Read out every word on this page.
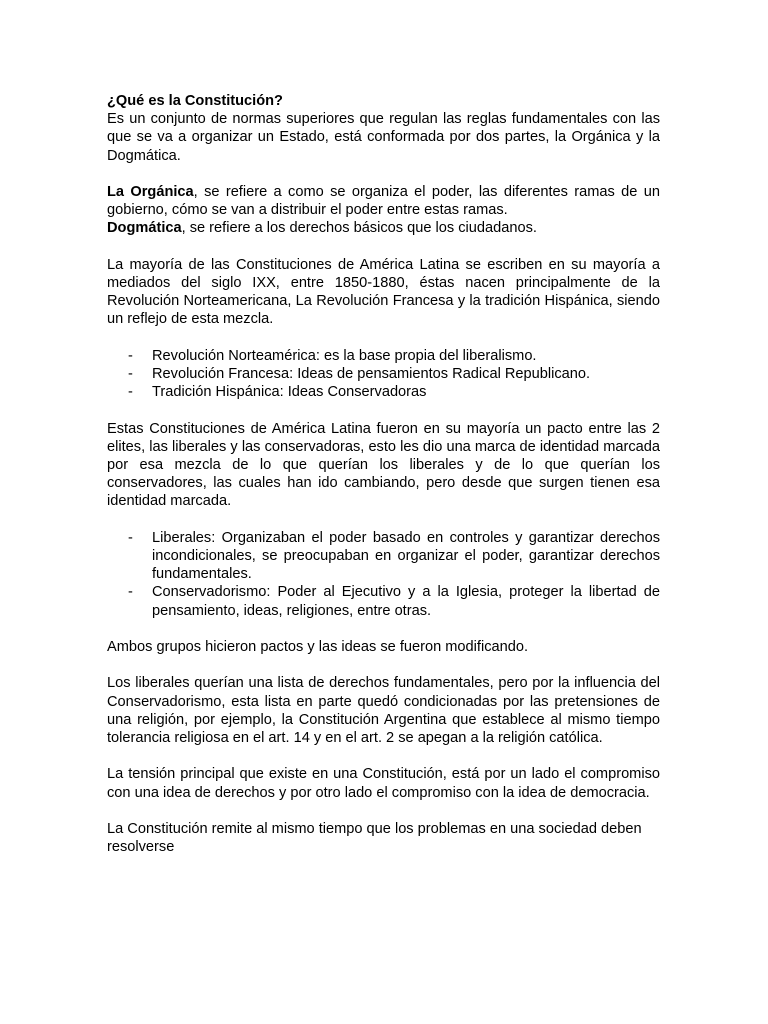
¿Qué es la Constitución?

Es un conjunto de normas superiores que regulan las reglas fundamentales con las que se va a organizar un Estado, está conformada por dos partes, la Orgánica y la Dogmática.

La Orgánica, se refiere a como se organiza el poder, las diferentes ramas de un gobierno, cómo se van a distribuir el poder entre estas ramas.

Dogmática, se refiere a los derechos básicos que los ciudadanos.

La mayoría de las Constituciones de América Latina se escriben en su mayoría a mediados del siglo IXX, entre 1850-1880, éstas nacen principalmente de la Revolución Norteamericana, La Revolución Francesa y la tradición Hispánica, siendo un reflejo de esta mezcla.

- Revolución Norteamérica: es la base propia del liberalismo.
- Revolución Francesa: Ideas de pensamientos Radical Republicano.
- Tradición Hispánica: Ideas Conservadoras

Estas Constituciones de América Latina fueron en su mayoría un pacto entre las 2 elites, las liberales y las conservadoras, esto les dio una marca de identidad marcada por esa mezcla de lo que querían los liberales y de lo que querían los conservadores, las cuales han ido cambiando, pero desde que surgen tienen esa identidad marcada.

- Liberales: Organizaban el poder basado en controles y garantizar derechos incondicionales, se preocupaban en organizar el poder, garantizar derechos fundamentales.
- Conservadorismo: Poder al Ejecutivo y a la Iglesia, proteger la libertad de pensamiento, ideas, religiones, entre otras.

Ambos grupos hicieron pactos y las ideas se fueron modificando.

Los liberales querían una lista de derechos fundamentales, pero por la influencia del Conservadorismo, esta lista en parte quedó condicionadas por las pretensiones de una religión, por ejemplo, la Constitución Argentina que establece al mismo tiempo tolerancia religiosa en el art. 14 y en el art. 2 se apegan a la religión católica.

La tensión principal que existe en una Constitución, está por un lado el compromiso con una idea de derechos y por otro lado el compromiso con la idea de democracia.

La Constitución remite al mismo tiempo que los problemas en una sociedad deben resolverse
